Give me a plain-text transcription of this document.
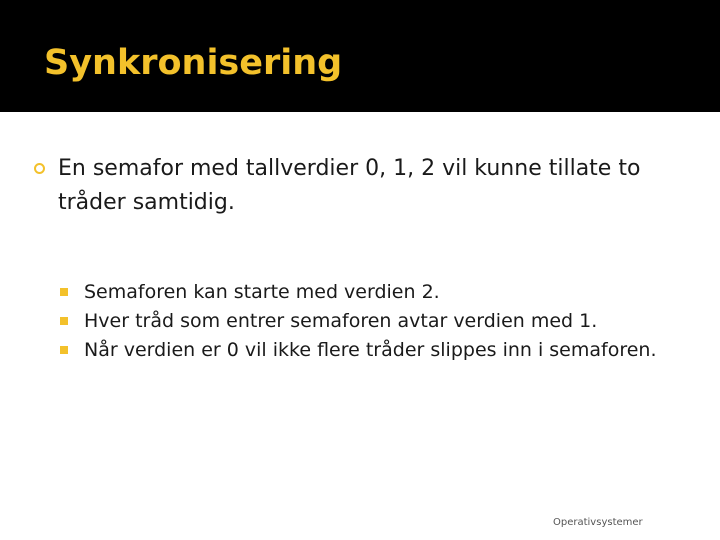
Synkronisering
En semafor med tallverdier 0, 1, 2 vil kunne tillate to tråder samtidig.
Semaforen kan starte med verdien 2.
Hver tråd som entrer semaforen avtar verdien med 1.
Når verdien er 0 vil ikke flere tråder slippes inn i semaforen.
Operativsystemer
